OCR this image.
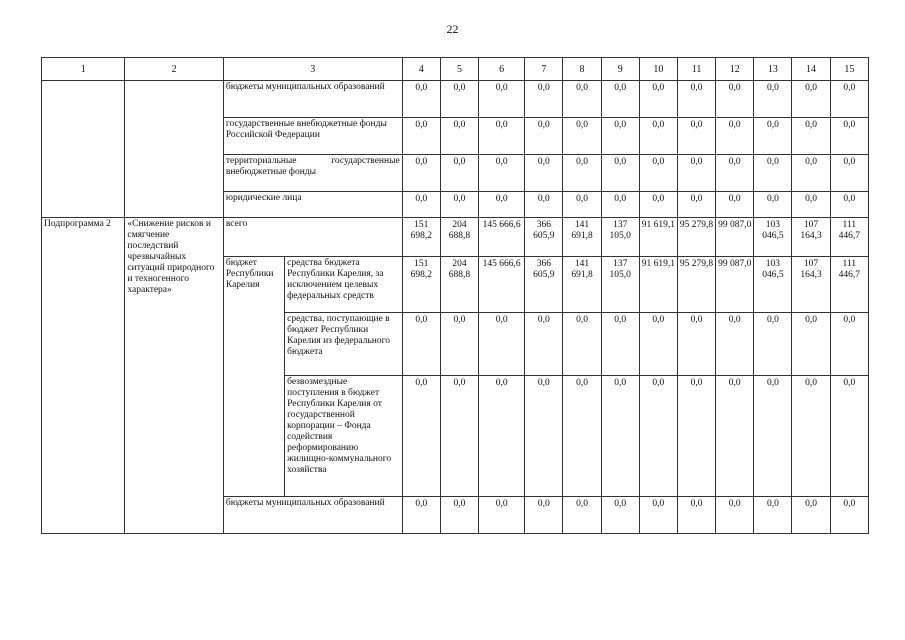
22
1	2	3		4	5	6	7	8	9	10	11	12	13	14	15
		бюджеты муниципальных образований		0,0	0,0	0,0	0,0	0,0	0,0	0,0	0,0	0,0	0,0	0,0	0,0
		государственные внебюджетные фонды Российской Федерации		0,0	0,0	0,0	0,0	0,0	0,0	0,0	0,0	0,0	0,0	0,0	0,0
		территориальные государственные внебюджетные фонды		0,0	0,0	0,0	0,0	0,0	0,0	0,0	0,0	0,0	0,0	0,0	0,0
		юридические лица		0,0	0,0	0,0	0,0	0,0	0,0	0,0	0,0	0,0	0,0	0,0	0,0
Подпрограмма 2	«Снижение рисков и смягчение последствий чрезвычайных ситуаций природного и техногенного характера»	всего		151 698,2	204 688,8	145 666,6	366 605,9	141 691,8	137 105,0	91 619,1	95 279,8	99 087,0	103 046,5	107 164,3	111 446,7
		бюджет Республики Карелия	средства бюджета Республики Карелия, за исключением целевых федеральных средств	151 698,2	204 688,8	145 666,6	366 605,9	141 691,8	137 105,0	91 619,1	95 279,8	99 087,0	103 046,5	107 164,3	111 446,7
			средства, поступающие в бюджет Республики Карелия из федерального бюджета	0,0	0,0	0,0	0,0	0,0	0,0	0,0	0,0	0,0	0,0	0,0	0,0
			безвозмездные поступления в бюджет Республики Карелия от государственной корпорации – Фонда содействия реформированию жилищно-коммунального хозяйства	0,0	0,0	0,0	0,0	0,0	0,0	0,0	0,0	0,0	0,0	0,0	0,0
		бюджеты муниципальных образований		0,0	0,0	0,0	0,0	0,0	0,0	0,0	0,0	0,0	0,0	0,0	0,0
